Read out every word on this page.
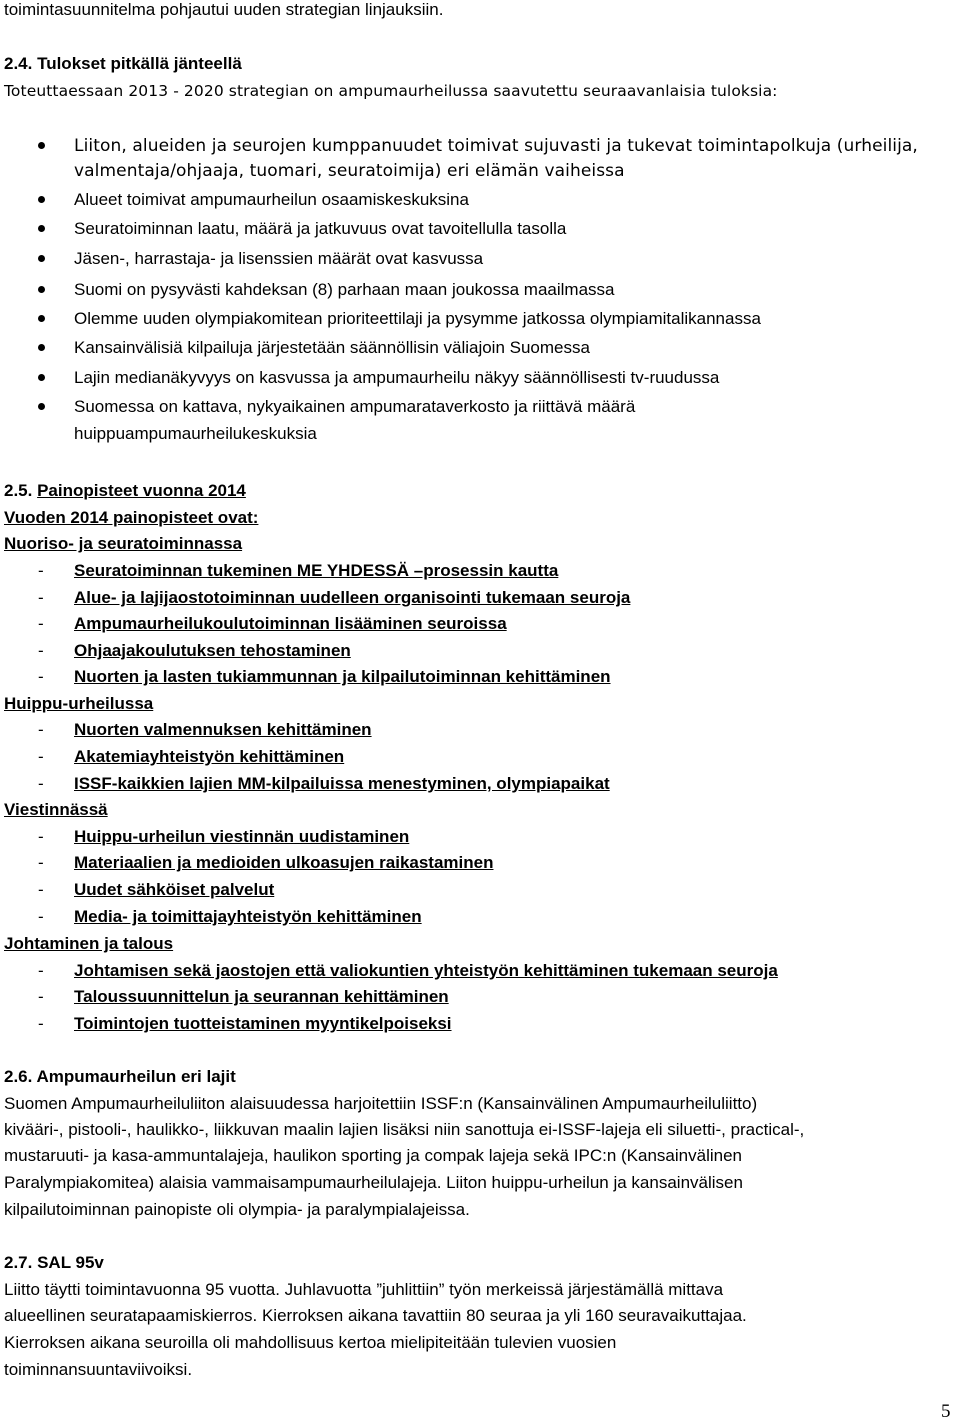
toimintasuunnitelma pohjautui uuden strategian linjauksiin.
2.4. Tulokset pitkällä jänteellä
Toteuttaessaan 2013 - 2020 strategian on ampumaurheilussa saavutettu seuraavanlaisia tuloksia:
Liiton, alueiden ja seurojen kumppanuudet toimivat sujuvasti ja tukevat toimintapolkuja (urheilija,
valmentaja/ohjaaja, tuomari, seuratoimija) eri elämän vaiheissa
Alueet toimivat ampumaurheilun osaamiskeskuksina
Seuratoiminnan laatu, määrä ja jatkuvuus ovat tavoitellulla tasolla
Jäsen-, harrastaja- ja lisenssien määrät ovat kasvussa
Suomi on pysyvästi kahdeksan (8) parhaan maan joukossa maailmassa
Olemme uuden olympiakomitean prioriteettilaji ja pysymme jatkossa olympiamitalikannassa
Kansainvälisiä kilpailuja järjestetään säännöllisin väliajoin Suomessa
Lajin medianäkyvyys on kasvussa ja ampumaurheilu näkyy säännöllisesti tv-ruudussa
Suomessa on kattava, nykyaikainen ampumarataverkosto ja riittävä määrä
huippuampumaurheilukeskuksia
2.5. Painopisteet vuonna 2014
Vuoden 2014 painopisteet ovat:
Nuoriso- ja seuratoiminnassa
- Seuratoiminnan tukeminen ME YHDESSÄ –prosessin kautta
- Alue- ja lajijaostotoiminnan uudelleen organisointi tukemaan seuroja
- Ampumaurheilukoulutoiminnan lisääminen seuroissa
- Ohjaajakoulutuksen tehostaminen
- Nuorten ja lasten tukiammunnan ja kilpailutoiminnan kehittäminen
Huippu-urheilussa
- Nuorten valmennuksen kehittäminen
- Akatemiayhteistyön kehittäminen
- ISSF-kaikkien lajien MM-kilpailuissa menestyminen, olympiapaikat
Viestinnässä
- Huippu-urheilun viestinnän uudistaminen
- Materiaalien ja medioiden ulkoasujen raikastaminen
- Uudet sähköiset palvelut
- Media- ja toimittajayhteistyön kehittäminen
Johtaminen ja talous
- Johtamisen sekä jaostojen että valiokuntien yhteistyön kehittäminen tukemaan seuroja
- Taloussuunnittelun ja seurannan kehittäminen
- Toimintojen tuotteistaminen myyntikelpoiseksi
2.6. Ampumaurheilun eri lajit
Suomen Ampumaurheiluliiton alaisuudessa harjoitettiin ISSF:n (Kansainvälinen Ampumaurheiluliitto)
kivääri-, pistooli-, haulikko-, liikkuvan maalin lajien lisäksi niin sanottuja ei-ISSF-lajeja eli siluetti-, practical-,
mustaruuti- ja kasa-ammuntalajeja, haulikon sporting ja compak lajeja sekä IPC:n (Kansainvälinen
Paralympiakomitea) alaisia vammaisampumaurheilulajeja. Liiton huippu-urheilun ja kansainvälisen
kilpailutoiminnan painopiste oli olympia- ja paralympialajeissa.
2.7. SAL 95v
Liitto täytti toimintavuonna 95 vuotta. Juhlavuotta ”juhlittiin” työn merkeissä järjestämällä mittava
alueellinen seuratapaamiskierros. Kierroksen aikana tavattiin 80 seuraa ja yli 160 seuravaikuttajaa.
Kierroksen aikana seuroilla oli mahdollisuus kertoa mielipiteitään tulevien vuosien
toiminnansuuntaviivoiksi.
5
